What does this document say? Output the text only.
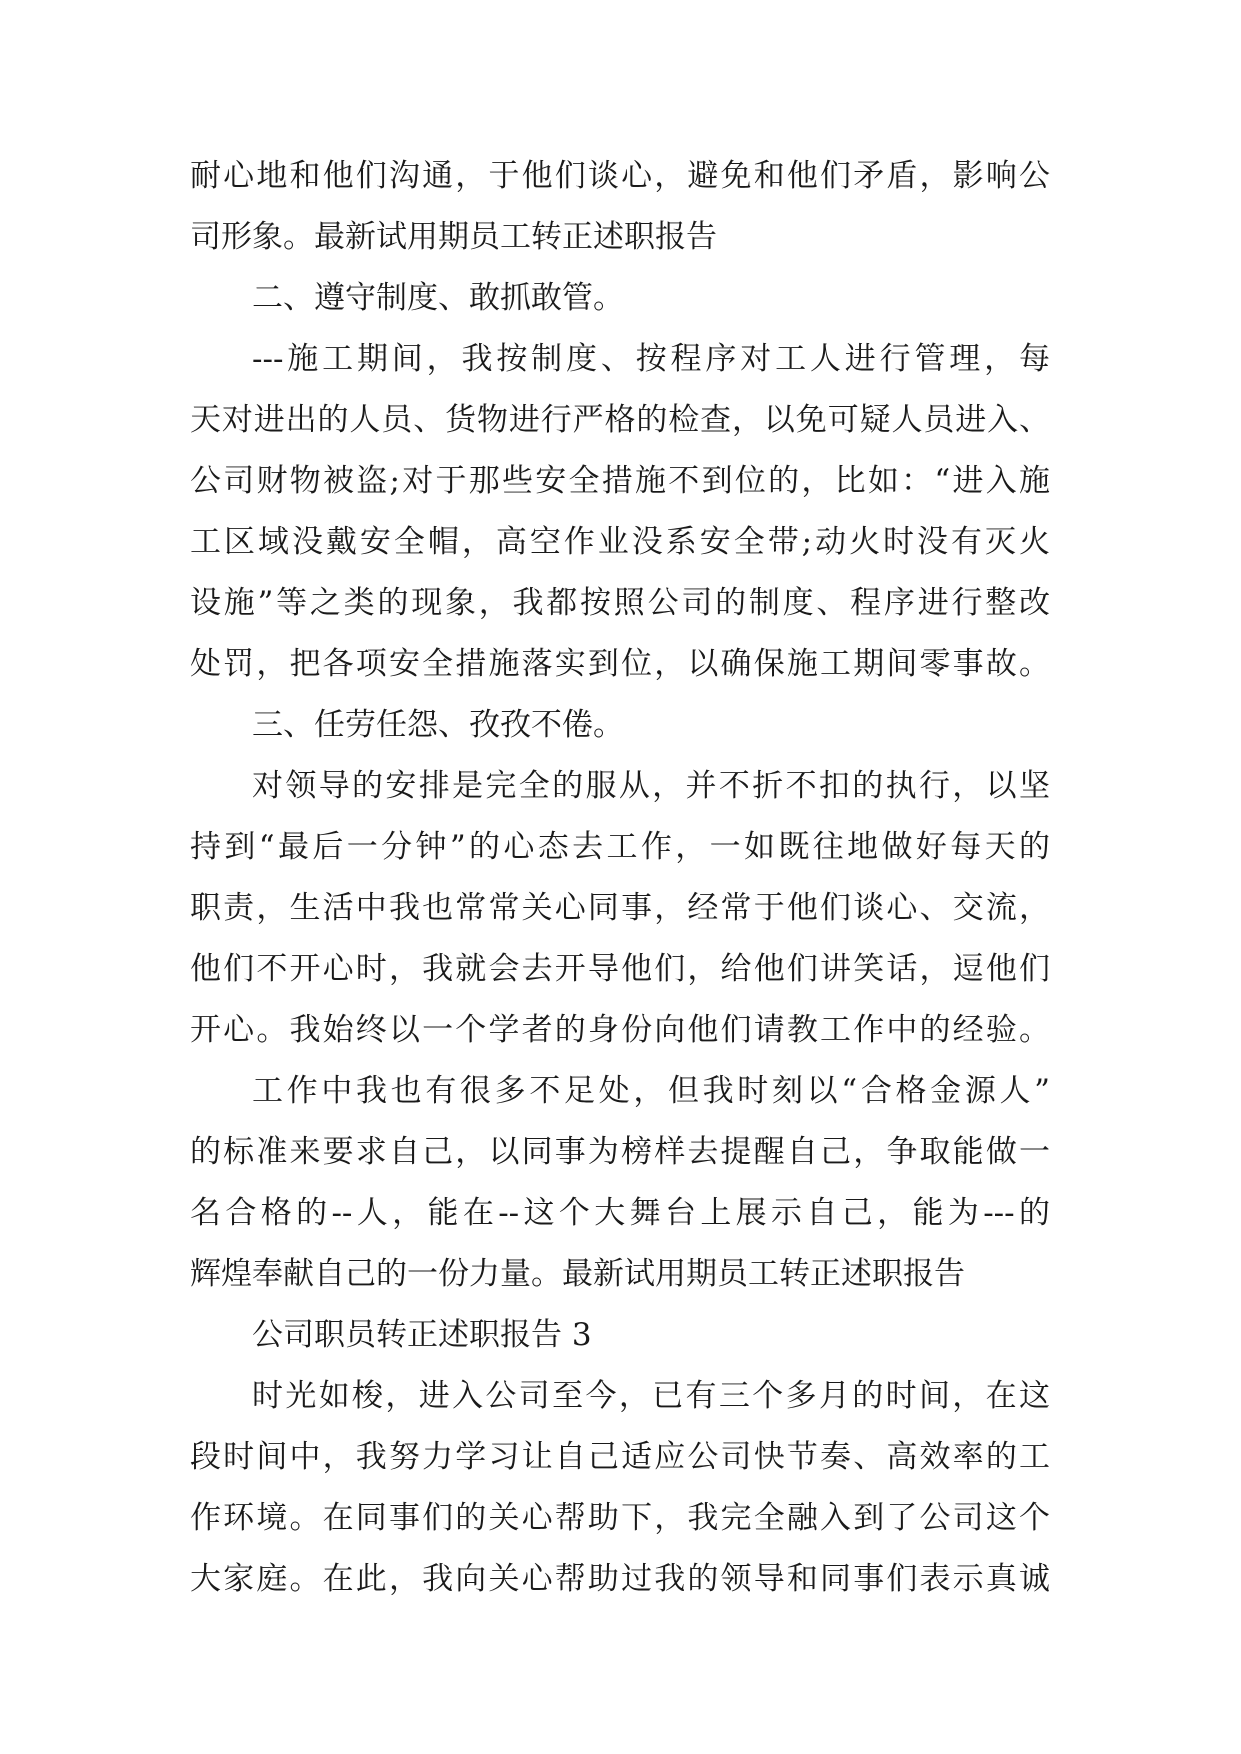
耐心地和他们沟通，于他们谈心，避免和他们矛盾，影响公
司形象。最新试用期员工转正述职报告
二、遵守制度、敢抓敢管。
---施工期间，我按制度、按程序对工人进行管理，每
天对进出的人员、货物进行严格的检查，以免可疑人员进入、
公司财物被盗;对于那些安全措施不到位的，比如：“进入施
工区域没戴安全帽，高空作业没系安全带;动火时没有灭火
设施”等之类的现象，我都按照公司的制度、程序进行整改
处罚，把各项安全措施落实到位，以确保施工期间零事故。
三、任劳任怨、孜孜不倦。
对领导的安排是完全的服从，并不折不扣的执行，以坚
持到“最后一分钟”的心态去工作，一如既往地做好每天的
职责，生活中我也常常关心同事，经常于他们谈心、交流，
他们不开心时，我就会去开导他们，给他们讲笑话，逗他们
开心。我始终以一个学者的身份向他们请教工作中的经验。
工作中我也有很多不足处，但我时刻以“合格金源人”
的标准来要求自己，以同事为榜样去提醒自己，争取能做一
名合格的--人，能在--这个大舞台上展示自己，能为---的
辉煌奉献自己的一份力量。最新试用期员工转正述职报告
公司职员转正述职报告 3
时光如梭，进入公司至今，已有三个多月的时间，在这
段时间中，我努力学习让自己适应公司快节奏、高效率的工
作环境。在同事们的关心帮助下，我完全融入到了公司这个
大家庭。在此，我向关心帮助过我的领导和同事们表示真诚
